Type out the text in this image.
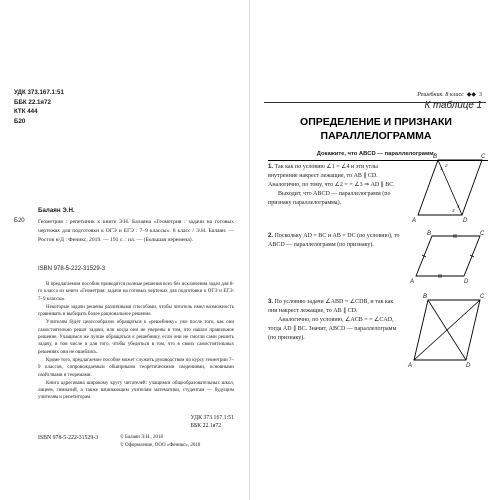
УДК 373.167.1:51
ББК 22.1я72
КТК 444
Б20
Балаян Э.Н.
Б20 Геометрия : репетиник к книге Э.Н. Балаяна «Геометрия : задачи на готовых чертежах для подготовки к ОГЭ и ЕГЭ : 7–9 классы». 8 класс / Э.Н. Балаян. — Ростов н/Д : Феникс, 2019. — 191 с. : ил. — (Большая перемена).
ISBN 978-5-222-31529-3

В предлагаемом пособии приводятся полные решения всех без исключения задач для 8-го класса из книги «Геометрия: задачи на готовых чертежах для подготовки к ОГЭ и ЕГЭ: 7–9 классы».

Некоторые задачи решены различными способами, чтобы читатель имел возможность сравнивать и выбирать более рациональное решение.

Учителям будет целесообразно обращаться к «решебнику» уже после того, как они самостоятельно решат задачи, или когда они не уверены в том, что нашли правильное решение. Учащимся же лучше обращаться к решебнику, если они не смогли сами решить задачу, в том числе и для того, чтобы убедиться в том, что в своих самостоятельных решениях они не ошиблись.

Кроме того, предлагаемое пособие может служить руководством по курсу геометрии 7–9 классов, сопровождаемым обширными теоретическими сведениями, основными свойствами и теоремами.

Книга адресована широкому кругу читателей: учащимся общеобразовательных школ, лицеев, гимназий, а также начинающим учителям математики, студентам — будущим учителям и репетиторам.

УДК 373.167.1:51
ББК 22.1я72
ISBN 978-5-222-31529-3	© Балаян Э.Н., 2018
© Оформление, ООО «Феникс», 2018
Решебник. 8 класс ◆◆ 3
К таблице 1
ОПРЕДЕЛЕНИЕ И ПРИЗНАКИ
ПАРАЛЛЕЛОГРАММА
Докажите, что ABCD — параллелограмм.

1. Так как по условию ∠1 = ∠4 и эти углы внутренние накрест лежащие, то AB ∥ CD. Аналогично, по тому, что ∠2 = = ∠3 ⇒ AD ∥ BC.

Выходит, что ABCD — параллелограмм (по признаку параллелограмма).

B	C
A	D
1
2
3
4

2. Поскольку AD = BC и AB = DC (по условию), то ABCD — параллелограмм (по признаку).

B	C
A	D

3. По условию задачи ∠ABD = ∠CDB, и так как они накрест лежащие, то AB ∥ CD.

Аналогично, по условию, ∠ACB = = ∠CAD, тогда AD ∥ BC. Значит, ABCD — параллелограмм (по признаку).

B	C
A	D
